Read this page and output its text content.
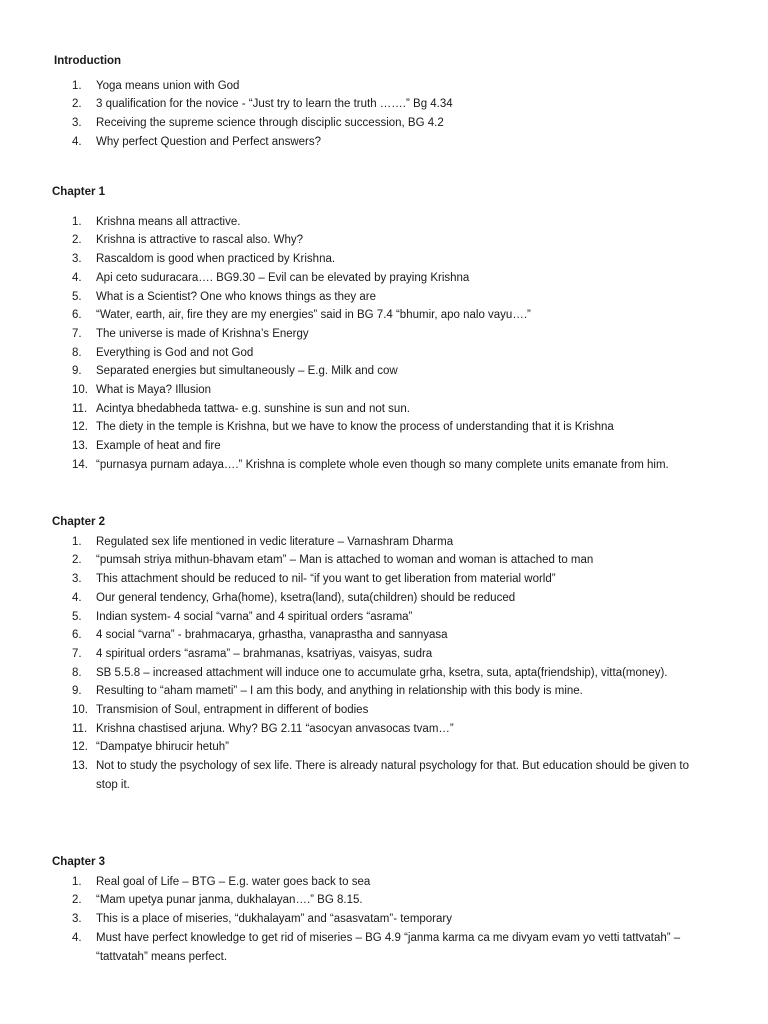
Introduction
1.	Yoga means union with God
2.	3 qualification for the novice - “Just try to learn the truth …….” Bg 4.34
3.	Receiving the supreme science through disciplic succession, BG 4.2
4.	Why perfect Question and Perfect answers?
Chapter 1
1.	Krishna means all attractive.
2.	Krishna is attractive to rascal also. Why?
3.	Rascaldom is good when practiced by Krishna.
4.	Api ceto suduracara…. BG9.30 – Evil can be elevated by praying Krishna
5.	What is a Scientist? One who knows things as they are
6.	“Water, earth, air, fire they are my energies” said in BG 7.4 “bhumir, apo nalo vayu….”
7.	The universe is made of Krishna’s Energy
8.	Everything is God and not God
9.	Separated energies but simultaneously – E.g. Milk and cow
10. What is Maya? Illusion
11. Acintya bhedabheda tattwa- e.g. sunshine is sun and not sun.
12. The diety in the temple is Krishna, but we have to know the process of understanding that it is Krishna
13. Example of heat and fire
14. “purnasya purnam adaya….” Krishna is complete whole even though so many complete units emanate from him.
Chapter 2
1.	Regulated sex life mentioned in vedic literature – Varnashram Dharma
2.	“pumsah striya mithun-bhavam etam” – Man is attached to woman and woman is attached to man
3.	This attachment should be reduced to nil- “if you want to get liberation from material world”
4.	Our general tendency, Grha(home), ksetra(land), suta(children) should be reduced
5.	Indian system- 4 social “varna” and 4 spiritual orders “asrama”
6.	4 social “varna” - brahmacarya, grhastha, vanaprastha and sannyasa
7.	4 spiritual orders “asrama” – brahmanas, ksatriyas, vaisyas, sudra
8.	SB 5.5.8 – increased attachment will induce one to accumulate grha, ksetra, suta, apta(friendship), vitta(money).
9.	Resulting to “aham mameti” – I am this body, and anything in relationship with this body is mine.
10. Transmision of Soul, entrapment in different of bodies
11. Krishna chastised arjuna. Why? BG 2.11 “asocyan anvasocas tvam…”
12. “Dampatye bhirucir hetuh”
13. Not to study the psychology of sex life. There is already natural psychology for that. But education should be given to stop it.
Chapter 3
1.	Real goal of Life – BTG – E.g. water goes back to sea
2.	“Mam upetya punar janma, dukhalayan….” BG 8.15.
3.	This is a place of miseries, “dukhalayam” and “asasvatam”- temporary
4.	Must have perfect knowledge to get rid of miseries – BG 4.9 “janma karma ca me divyam evam yo vetti tattvatah” – “tattvatah” means perfect.
